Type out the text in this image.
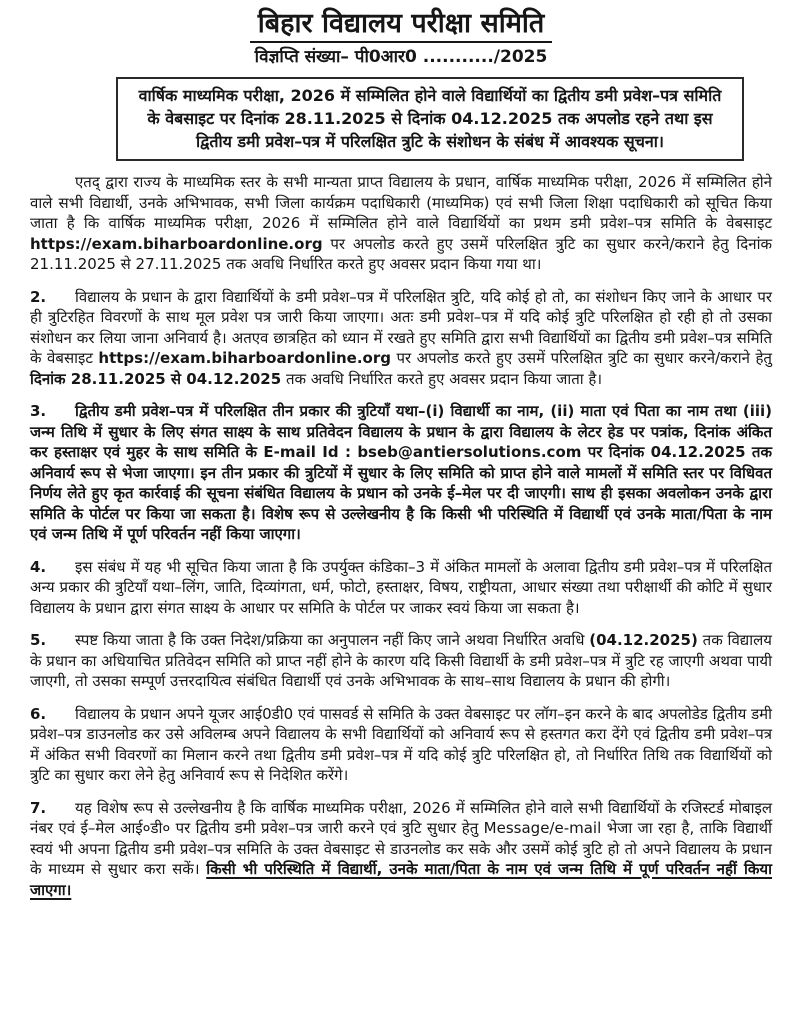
बिहार विद्यालय परीक्षा समिति
विज्ञप्ति संख्या– पी0आर0 .........../2025
वार्षिक माध्यमिक परीक्षा, 2026 में सम्मिलित होने वाले विद्यार्थियों का द्वितीय डमी प्रवेश–पत्र समिति के वेबसाइट पर दिनांक 28.11.2025 से दिनांक 04.12.2025 तक अपलोड रहने तथा इस द्वितीय डमी प्रवेश–पत्र में परिलक्षित त्रुटि के संशोधन के संबंध में आवश्यक सूचना।

एतद् द्वारा राज्य के माध्यमिक स्तर के सभी मान्यता प्राप्त विद्यालय के प्रधान, वार्षिक माध्यमिक परीक्षा, 2026 में सम्मिलित होने वाले सभी विद्यार्थी, उनके अभिभावक, सभी जिला कार्यक्रम पदाधिकारी (माध्यमिक) एवं सभी जिला शिक्षा पदाधिकारी को सूचित किया जाता है कि वार्षिक माध्यमिक परीक्षा, 2026 में सम्मिलित होने वाले विद्यार्थियों का प्रथम डमी प्रवेश–पत्र समिति के वेबसाइट https://exam.biharboardonline.org पर अपलोड करते हुए उसमें परिलक्षित त्रुटि का सुधार करने/कराने हेतु दिनांक 21.11.2025 से 27.11.2025 तक अवधि निर्धारित करते हुए अवसर प्रदान किया गया था।

2. विद्यालय के प्रधान के द्वारा विद्यार्थियों के डमी प्रवेश–पत्र में परिलक्षित त्रुटि, यदि कोई हो तो, का संशोधन किए जाने के आधार पर ही त्रुटिरहित विवरणों के साथ मूल प्रवेश पत्र जारी किया जाएगा। अतः डमी प्रवेश–पत्र में यदि कोई त्रुटि परिलक्षित हो रही हो तो उसका संशोधन कर लिया जाना अनिवार्य है। अतएव छात्रहित को ध्यान में रखते हुए समिति द्वारा सभी विद्यार्थियों का द्वितीय डमी प्रवेश–पत्र समिति के वेबसाइट https://exam.biharboardonline.org पर अपलोड करते हुए उसमें परिलक्षित त्रुटि का सुधार करने/कराने हेतु दिनांक 28.11.2025 से 04.12.2025 तक अवधि निर्धारित करते हुए अवसर प्रदान किया जाता है।

3. द्वितीय डमी प्रवेश–पत्र में परिलक्षित तीन प्रकार की त्रुटियाँ यथा–(i) विद्यार्थी का नाम, (ii) माता एवं पिता का नाम तथा (iii) जन्म तिथि में सुधार के लिए संगत साक्ष्य के साथ प्रतिवेदन विद्यालय के प्रधान के द्वारा विद्यालय के लेटर हेड पर पत्रांक, दिनांक अंकित कर हस्ताक्षर एवं मुहर के साथ समिति के E-mail Id : bseb@antiersolutions.com पर दिनांक 04.12.2025 तक अनिवार्य रूप से भेजा जाएगा। इन तीन प्रकार की त्रुटियों में सुधार के लिए समिति को प्राप्त होने वाले मामलों में समिति स्तर पर विधिवत निर्णय लेते हुए कृत कार्रवाई की सूचना संबंधित विद्यालय के प्रधान को उनके ई–मेल पर दी जाएगी। साथ ही इसका अवलोकन उनके द्वारा समिति के पोर्टल पर किया जा सकता है। विशेष रूप से उल्लेखनीय है कि किसी भी परिस्थिति में विद्यार्थी एवं उनके माता/पिता के नाम एवं जन्म तिथि में पूर्ण परिवर्तन नहीं किया जाएगा।

4. इस संबंध में यह भी सूचित किया जाता है कि उपर्युक्त कंडिका–3 में अंकित मामलों के अलावा द्वितीय डमी प्रवेश–पत्र में परिलक्षित अन्य प्रकार की त्रुटियाँ यथा–लिंग, जाति, दिव्यांगता, धर्म, फोटो, हस्ताक्षर, विषय, राष्ट्रीयता, आधार संख्या तथा परीक्षार्थी की कोटि में सुधार विद्यालय के प्रधान द्वारा संगत साक्ष्य के आधार पर समिति के पोर्टल पर जाकर स्वयं किया जा सकता है।

5. स्पष्ट किया जाता है कि उक्त निदेश/प्रक्रिया का अनुपालन नहीं किए जाने अथवा निर्धारित अवधि (04.12.2025) तक विद्यालय के प्रधान का अधियाचित प्रतिवेदन समिति को प्राप्त नहीं होने के कारण यदि किसी विद्यार्थी के डमी प्रवेश–पत्र में त्रुटि रह जाएगी अथवा पायी जाएगी, तो उसका सम्पूर्ण उत्तरदायित्व संबंधित विद्यार्थी एवं उनके अभिभावक के साथ–साथ विद्यालय के प्रधान की होगी।

6. विद्यालय के प्रधान अपने यूजर आई0डी0 एवं पासवर्ड से समिति के उक्त वेबसाइट पर लॉग–इन करने के बाद अपलोडेड द्वितीय डमी प्रवेश–पत्र डाउनलोड कर उसे अविलम्ब अपने विद्यालय के सभी विद्यार्थियों को अनिवार्य रूप से हस्तगत करा देंगे एवं द्वितीय डमी प्रवेश–पत्र में अंकित सभी विवरणों का मिलान करने तथा द्वितीय डमी प्रवेश–पत्र में यदि कोई त्रुटि परिलक्षित हो, तो निर्धारित तिथि तक विद्यार्थियों को त्रुटि का सुधार करा लेने हेतु अनिवार्य रूप से निदेशित करेंगे।

7. यह विशेष रूप से उल्लेखनीय है कि वार्षिक माध्यमिक परीक्षा, 2026 में सम्मिलित होने वाले सभी विद्यार्थियों के रजिस्टर्ड मोबाइल नंबर एवं ई–मेल आई०डी० पर द्वितीय डमी प्रवेश–पत्र जारी करने एवं त्रुटि सुधार हेतु Message/e-mail भेजा जा रहा है, ताकि विद्यार्थी स्वयं भी अपना द्वितीय डमी प्रवेश–पत्र समिति के उक्त वेबसाइट से डाउनलोड कर सके और उसमें कोई त्रुटि हो तो अपने विद्यालय के प्रधान के माध्यम से सुधार करा सकें। किसी भी परिस्थिति में विद्यार्थी, उनके माता/पिता के नाम एवं जन्म तिथि में पूर्ण परिवर्तन नहीं किया जाएगा।
